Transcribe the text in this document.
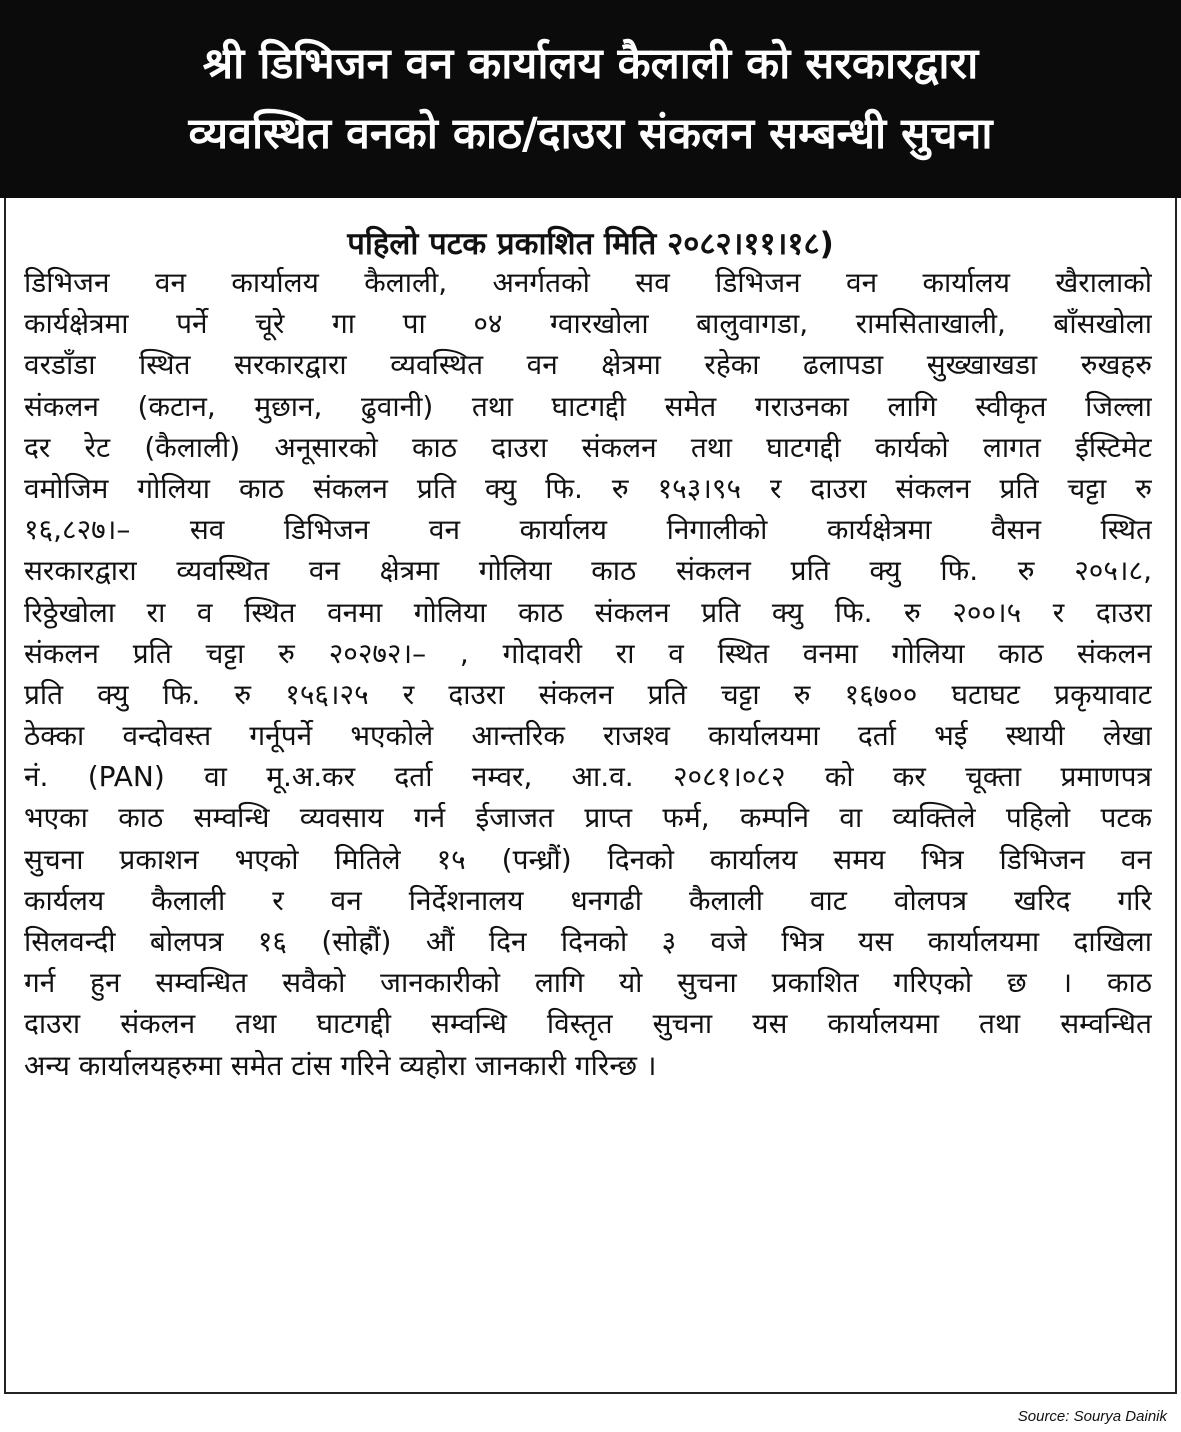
श्री डिभिजन वन कार्यालय कैलाली को सरकारद्वारा
व्यवस्थित वनको काठ/दाउरा संकलन सम्बन्धी सुचना
पहिलो पटक प्रकाशित मिति २०८२।११।१८)
डिभिजन वन कार्यालय कैलाली, अनर्गतको सव डिभिजन वन कार्यालय खैरालाको
कार्यक्षेत्रमा पर्ने चूरे गा पा ०४ ग्वारखोला बालुवागडा, रामसिताखाली, बाँसखोला
वरडाँडा स्थित सरकारद्वारा व्यवस्थित वन क्षेत्रमा रहेका ढलापडा सुख्खाखडा रुखहरु
संकलन (कटान, मुछान, ढुवानी) तथा घाटगद्दी समेत गराउनका लागि स्वीकृत जिल्ला
दर रेट (कैलाली) अनूसारको काठ दाउरा संकलन तथा घाटगद्दी कार्यको लागत ईस्टिमेट
वमोजिम गोलिया काठ संकलन प्रति क्यु फि. रु १५३।९५ र दाउरा संकलन प्रति चट्टा रु
१६,८२७।– सव डिभिजन वन कार्यालय निगालीको कार्यक्षेत्रमा वैसन स्थित
सरकारद्वारा व्यवस्थित वन क्षेत्रमा गोलिया काठ संकलन प्रति क्यु फि. रु २०५।८,
रिठ्ठेखोला रा व स्थित वनमा गोलिया काठ संकलन प्रति क्यु फि. रु २००।५ र दाउरा
संकलन प्रति चट्टा रु २०२७२।– , गोदावरी रा व स्थित वनमा गोलिया काठ संकलन
प्रति क्यु फि. रु १५६।२५ र दाउरा संकलन प्रति चट्टा रु १६७०० घटाघट प्रकृयावाट
ठेक्का वन्दोवस्त गर्नूपर्ने भएकोले आन्तरिक राजश्व कार्यालयमा दर्ता भई स्थायी लेखा
नं. (PAN) वा मू.अ.कर दर्ता नम्वर, आ.व. २०८१।०८२ को कर चूक्ता प्रमाणपत्र
भएका काठ सम्वन्धि व्यवसाय गर्न ईजाजत प्राप्त फर्म, कम्पनि वा व्यक्तिले पहिलो पटक
सुचना प्रकाशन भएको मितिले १५ (पन्ध्रौं) दिनको कार्यालय समय भित्र डिभिजन वन
कार्यलय कैलाली र वन निर्देशनालय धनगढी कैलाली वाट वोलपत्र खरिद गरि
सिलवन्दी बोलपत्र १६ (सोह्रौं) औं दिन दिनको ३ वजे भित्र यस कार्यालयमा दाखिला
गर्न हुन सम्वन्धित सवैको जानकारीको लागि यो सुचना प्रकाशित गरिएको छ । काठ
दाउरा संकलन तथा घाटगद्दी सम्वन्धि विस्तृत सुचना यस कार्यालयमा तथा सम्वन्धित
अन्य कार्यालयहरुमा समेत टांस गरिने व्यहोरा जानकारी गरिन्छ ।
Source: Sourya Dainik
